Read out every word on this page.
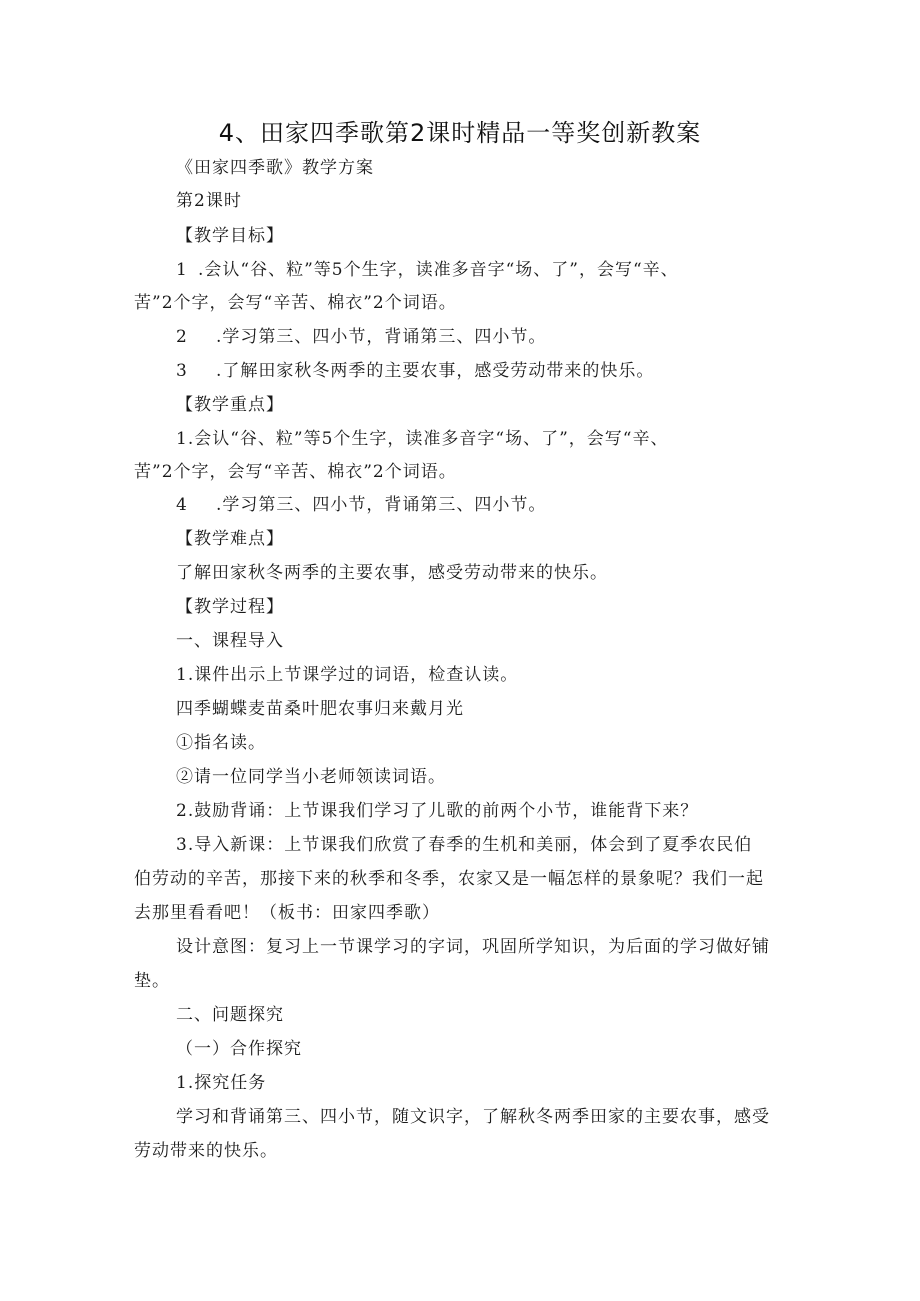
4、田家四季歌第2课时精品一等奖创新教案
《田家四季歌》教学方案
第2课时
【教学目标】
1 .会认“谷、粒”等5个生字，读准多音字“场、了”，会写“辛、
苦”2个字，会写“辛苦、棉衣”2个词语。
2 .学习第三、四小节，背诵第三、四小节。
3 .了解田家秋冬两季的主要农事，感受劳动带来的快乐。
【教学重点】
1.会认“谷、粒”等5个生字，读准多音字“场、了”，会写“辛、
苦”2个字，会写“辛苦、棉衣”2个词语。
4 .学习第三、四小节，背诵第三、四小节。
【教学难点】
了解田家秋冬两季的主要农事，感受劳动带来的快乐。
【教学过程】
一、课程导入
1.课件出示上节课学过的词语，检查认读。
四季蝴蝶麦苗桑叶肥农事归来戴月光
①指名读。
②请一位同学当小老师领读词语。
2.鼓励背诵：上节课我们学习了儿歌的前两个小节，谁能背下来？
3.导入新课：上节课我们欣赏了春季的生机和美丽，体会到了夏季农民伯
伯劳动的辛苦，那接下来的秋季和冬季，农家又是一幅怎样的景象呢？我们一起
去那里看看吧！（板书：田家四季歌）
设计意图：复习上一节课学习的字词，巩固所学知识，为后面的学习做好铺
垫。
二、问题探究
（一）合作探究
1.探究任务
学习和背诵第三、四小节，随文识字，了解秋冬两季田家的主要农事，感受
劳动带来的快乐。
